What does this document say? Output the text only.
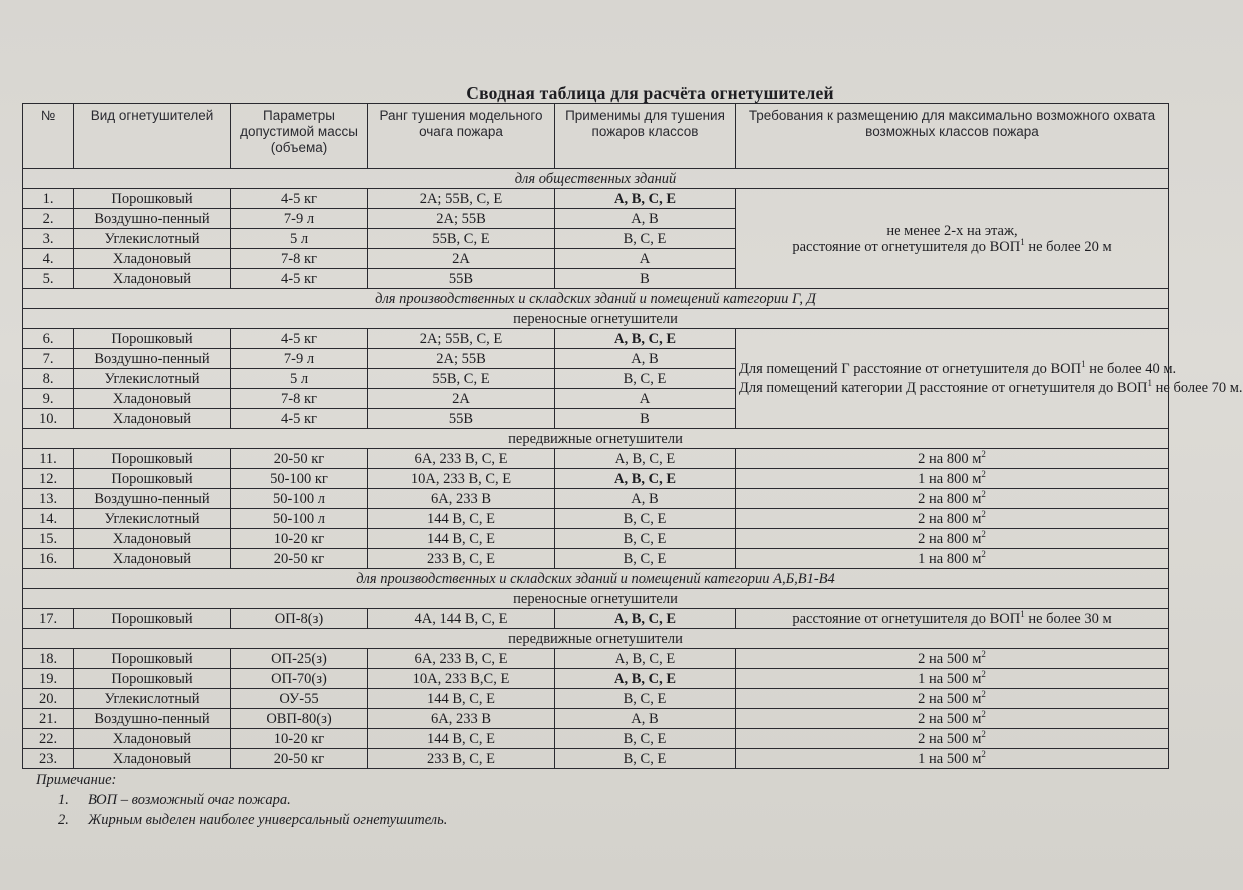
Сводная таблица для расчёта огнетушителей
№	Вид огнетушителей	Параметры допустимой массы (объема)	Ранг тушения модельного очага пожара	Применимы для тушения пожаров классов	Требования к размещению для максимально возможного охвата возможных классов пожара
для общественных зданий					
1.	Порошковый	4-5 кг	2А; 55В, С, Е	А, В, С, Е	не менее 2-х на этаж,

расстояние от огнетушителя до ВОП$^1$ не более 20 м

2.	Воздушно-пенный	7-9 л	2А; 55В	А, В	
3.	Углекислотный	5 л	55В, С, Е	В, С, Е	
4.	Хладоновый	7-8 кг	2А	А	
5.	Хладоновый	4-5 кг	55В	В	
для производственных и складских зданий и помещений категории Г, Д					
переносные огнетушители					
6.	Порошковый	4-5 кг	2А; 55В, С, Е	А, В, С, Е	Для помещений Г расстояние от огнетушителя до ВОП$^1$ не более 40 м.

Для помещений категории Д расстояние от огнетушителя до ВОП$^1$ не более 70 м.

7.	Воздушно-пенный	7-9 л	2А; 55В	А, В	
8.	Углекислотный	5 л	55В, С, Е	В, С, Е	
9.	Хладоновый	7-8 кг	2А	А	
10.	Хладоновый	4-5 кг	55В	В	
передвижные огнетушители					
11.	Порошковый	20-50 кг	6А, 233 В, С, Е	А, В, С, Е	2 на 800 $м^2$
12.	Порошковый	50-100 кг	10А, 233 В, С, Е	А, В, С, Е	1 на 800 $м^2$
13.	Воздушно-пенный	50-100 л	6А, 233 В	А, В	2 на 800 $м^2$
14.	Углекислотный	50-100 л	144 В, С, Е	В, С, Е	2 на 800 $м^2$
15.	Хладоновый	10-20 кг	144 В, С, Е	В, С, Е	2 на 800 $м^2$
16.	Хладоновый	20-50 кг	233 В, С, Е	В, С, Е	1 на 800 $м^2$
для производственных и складских зданий и помещений категории А,Б,В1-В4					
переносные огнетушители					
17.	Порошковый	ОП-8(з)	4А, 144 В, С, Е	А, В, С, Е	расстояние от огнетушителя до ВОП$^1$ не более 30 м
передвижные огнетушители					
18.	Порошковый	ОП-25(з)	6А, 233 В, С, Е	А, В, С, Е	2 на 500 $м^2$
19.	Порошковый	ОП-70(з)	10А, 233 В,С, Е	А, В, С, Е	1 на 500 $м^2$
20.	Углекислотный	ОУ-55	144 В, С, Е	В, С, Е	2 на 500 $м^2$
21.	Воздушно-пенный	ОВП-80(з)	6А, 233 В	А, В	2 на 500 $м^2$
22.	Хладоновый	10-20 кг	144 В, С, Е	В, С, Е	2 на 500 $м^2$
23.	Хладоновый	20-50 кг	233 В, С, Е	В, С, Е	1 на 500 $м^2$
Примечание:
1. ВОП – возможный очаг пожара.
2. Жирным выделен наиболее универсальный огнетушитель.
